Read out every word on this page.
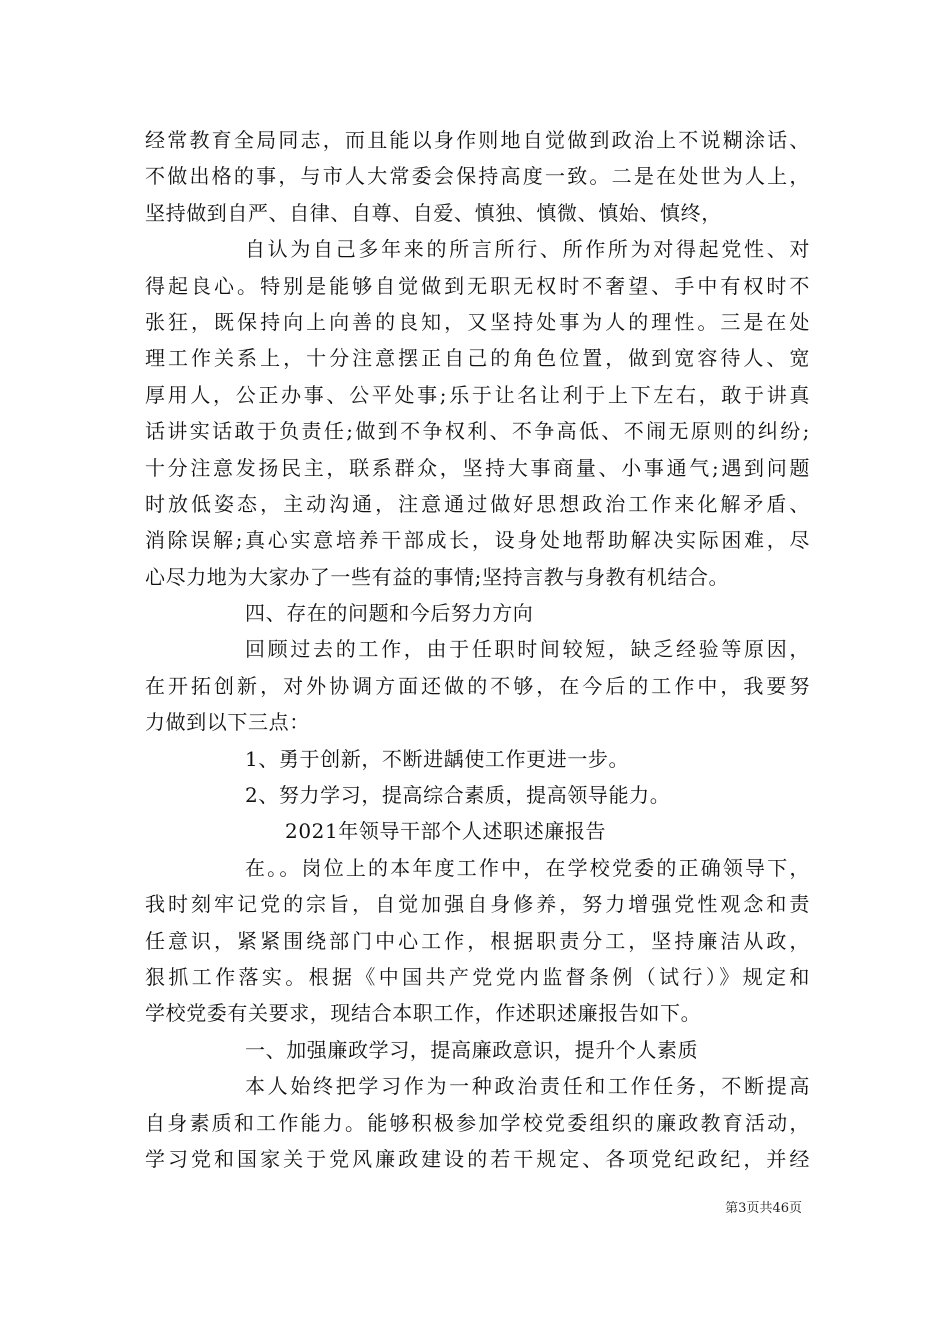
经常教育全局同志，而且能以身作则地自觉做到政治上不说糊涂话、
不做出格的事，与市人大常委会保持高度一致。二是在处世为人上，
坚持做到自严、自律、自尊、自爱、慎独、慎微、慎始、慎终，
自认为自己多年来的所言所行、所作所为对得起党性、对
得起良心。特别是能够自觉做到无职无权时不奢望、手中有权时不
张狂，既保持向上向善的良知，又坚持处事为人的理性。三是在处
理工作关系上，十分注意摆正自己的角色位置，做到宽容待人、宽
厚用人，公正办事、公平处事;乐于让名让利于上下左右，敢于讲真
话讲实话敢于负责任;做到不争权利、不争高低、不闹无原则的纠纷;
十分注意发扬民主，联系群众，坚持大事商量、小事通气;遇到问题
时放低姿态，主动沟通，注意通过做好思想政治工作来化解矛盾、
消除误解;真心实意培养干部成长，设身处地帮助解决实际困难，尽
心尽力地为大家办了一些有益的事情;坚持言教与身教有机结合。
四、存在的问题和今后努力方向
回顾过去的工作，由于任职时间较短，缺乏经验等原因，
在开拓创新，对外协调方面还做的不够，在今后的工作中，我要努
力做到以下三点：
1、勇于创新，不断进龋使工作更进一步。
2、努力学习，提高综合素质，提高领导能力。
2021年领导干部个人述职述廉报告
在。。岗位上的本年度工作中，在学校党委的正确领导下，
我时刻牢记党的宗旨，自觉加强自身修养，努力增强党性观念和责
任意识，紧紧围绕部门中心工作，根据职责分工，坚持廉洁从政，
狠抓工作落实。根据《中国共产党党内监督条例（试行）》规定和
学校党委有关要求，现结合本职工作，作述职述廉报告如下。
一、加强廉政学习，提高廉政意识，提升个人素质
本人始终把学习作为一种政治责任和工作任务，不断提高
自身素质和工作能力。能够积极参加学校党委组织的廉政教育活动，
学习党和国家关于党风廉政建设的若干规定、各项党纪政纪，并经
第3页共46页
